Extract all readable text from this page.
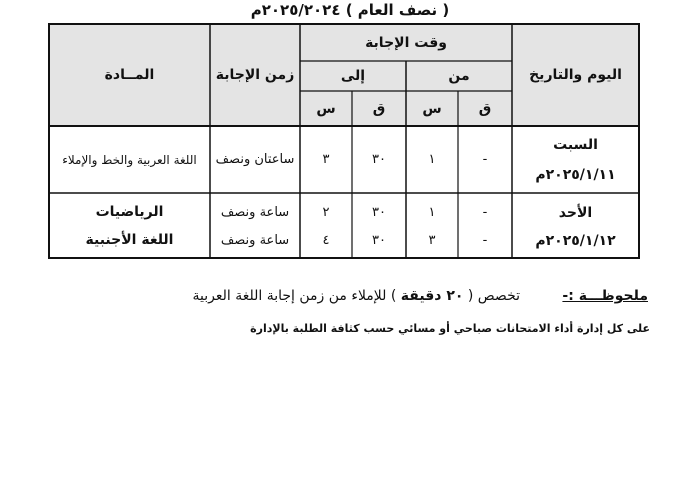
( نصف العام ) ٢٠٢٥/٢٠٢٤م
اليوم والتاريخ
وقت الإجابة
من
إلى
ق
س
ق
س
زمن الإجابة
المــادة
السبت
٢٠٢٥/١/١١م
-
١
٣٠
٣
ساعتان ونصف
اللغة العربية والخط والإملاء
الأحد
٢٠٢٥/١/١٢م
-
١
٣٠
٢
ساعة ونصف
الرياضيات
-
٣
٣٠
٤
ساعة ونصف
اللغة الأجنبية
ملحوظـــة :-
تخصص ( ٢٠ دقيقة ) للإملاء من زمن إجابة اللغة العربية
على كل إدارة أداء الامتحانات صباحي أو مسائي حسب كثافة الطلبة بالإدارة
